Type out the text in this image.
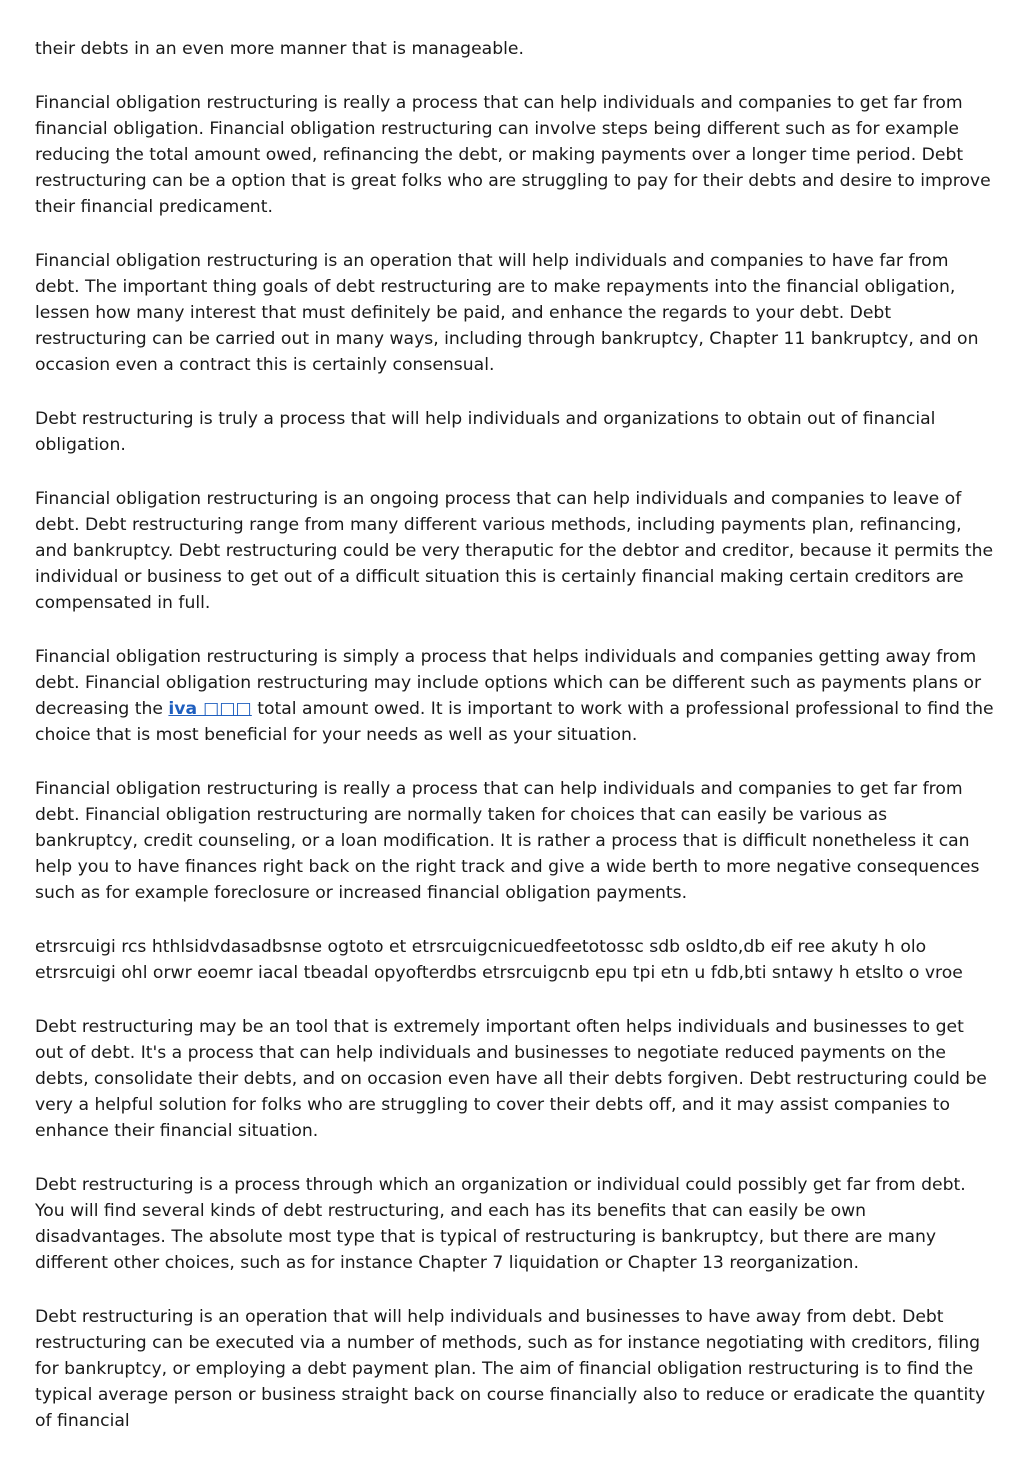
their debts in an even more manner that is manageable.

Financial obligation restructuring is really a process that can help individuals and companies to get far from financial obligation. Financial obligation restructuring can involve steps being different such as for example reducing the total amount owed, refinancing the debt, or making payments over a longer time period. Debt restructuring can be a option that is great folks who are struggling to pay for their debts and desire to improve their financial predicament.

Financial obligation restructuring is an operation that will help individuals and companies to have far from debt. The important thing goals of debt restructuring are to make repayments into the financial obligation, lessen how many interest that must definitely be paid, and enhance the regards to your debt. Debt restructuring can be carried out in many ways, including through bankruptcy, Chapter 11 bankruptcy, and on occasion even a contract this is certainly consensual.

Debt restructuring is truly a process that will help individuals and organizations to obtain out of financial obligation.

Financial obligation restructuring is an ongoing process that can help individuals and companies to leave of debt. Debt restructuring range from many different various methods, including payments plan, refinancing, and bankruptcy. Debt restructuring could be very theraputic for the debtor and creditor, because it permits the individual or business to get out of a difficult situation this is certainly financial making certain creditors are compensated in full.

Financial obligation restructuring is simply a process that helps individuals and companies getting away from debt. Financial obligation restructuring may include options which can be different such as payments plans or decreasing the iva □□□ total amount owed. It is important to work with a professional professional to find the choice that is most beneficial for your needs as well as your situation.

Financial obligation restructuring is really a process that can help individuals and companies to get far from debt. Financial obligation restructuring are normally taken for choices that can easily be various as bankruptcy, credit counseling, or a loan modification. It is rather a process that is difficult nonetheless it can help you to have finances right back on the right track and give a wide berth to more negative consequences such as for example foreclosure or increased financial obligation payments.

etrsrcuigi rcs hthlsidvdasadbsnse ogtoto et etrsrcuigcnicuedfeetotossc sdb osldto,db eif ree akuty h olo etrsrcuigi ohl orwr eoemr iacal tbeadal opyofterdbs etrsrcuigcnb epu tpi etn u fdb,bti sntawy h etslto o vroe

Debt restructuring may be an tool that is extremely important often helps individuals and businesses to get out of debt. It's a process that can help individuals and businesses to negotiate reduced payments on the debts, consolidate their debts, and on occasion even have all their debts forgiven. Debt restructuring could be very a helpful solution for folks who are struggling to cover their debts off, and it may assist companies to enhance their financial situation.

Debt restructuring is a process through which an organization or individual could possibly get far from debt. You will find several kinds of debt restructuring, and each has its benefits that can easily be own disadvantages. The absolute most type that is typical of restructuring is bankruptcy, but there are many different other choices, such as for instance Chapter 7 liquidation or Chapter 13 reorganization.

Debt restructuring is an operation that will help individuals and businesses to have away from debt. Debt restructuring can be executed via a number of methods, such as for instance negotiating with creditors, filing for bankruptcy, or employing a debt payment plan. The aim of financial obligation restructuring is to find the typical average person or business straight back on course financially also to reduce or eradicate the quantity of financial
